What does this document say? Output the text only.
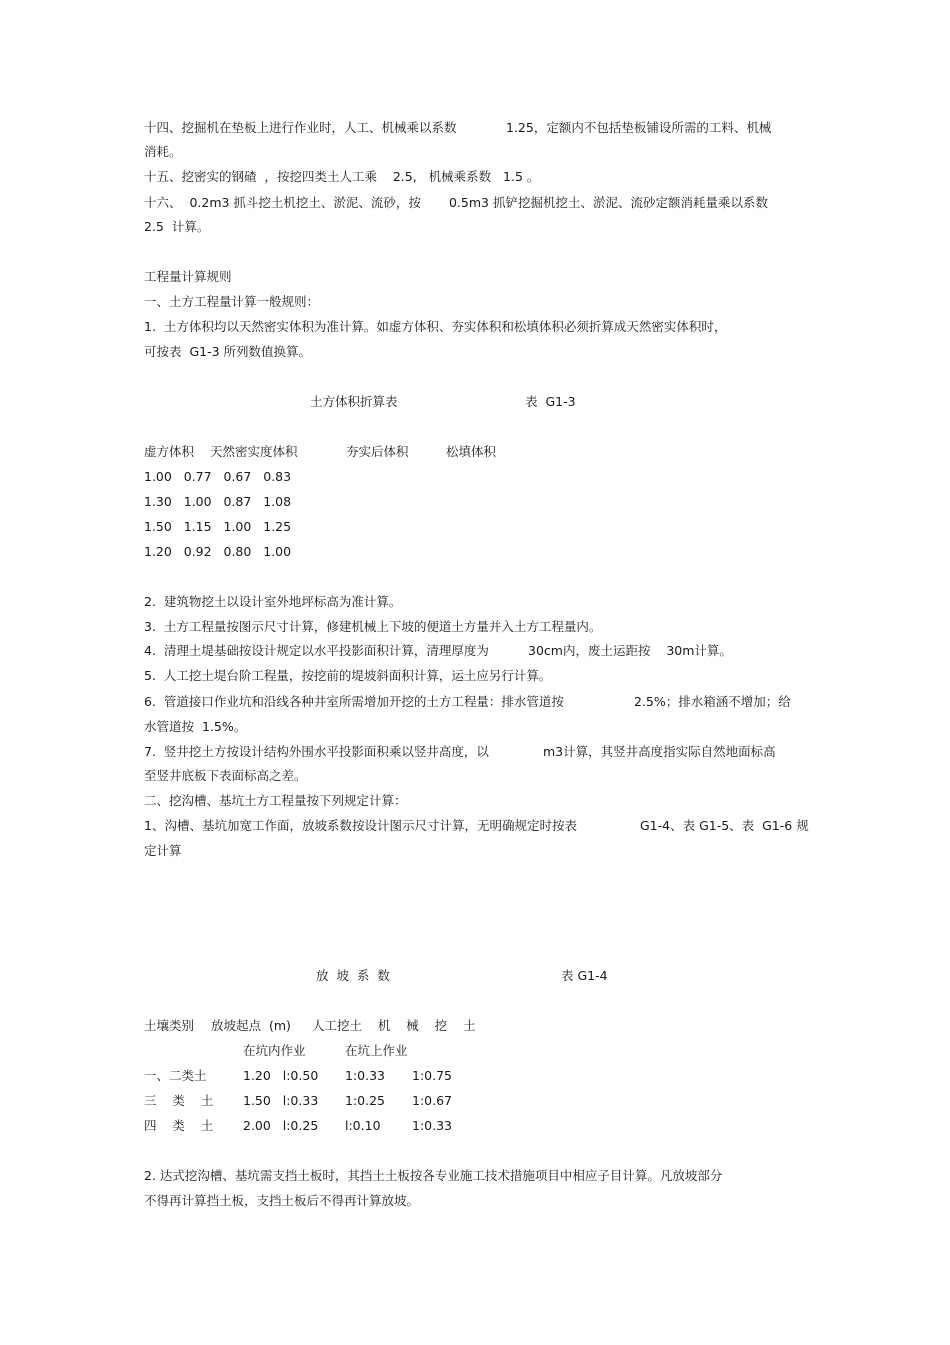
十四、挖掘机在垫板上进行作业时，人工、机械乘以系数	1.25，定额内不包括垫板铺设所需的工料、机械
消耗。
十五、挖密实的钢碴  ，按挖四类土人工乘    2.5,   机械乘系数   1.5 。
十六、  0.2m3 抓斗挖土机挖土、淤泥、流砂，按 0.5m3 抓铲挖掘机挖土、淤泥、流砂定额消耗量乘以系数
2.5  计算。
工程量计算规则
一、土方工程量计算一般规则：
1.  土方体积均以天然密实体积为准计算。如虚方体积、夯实体积和松填体积必须折算成天然密实体积时，
可按表  G1-3 所列数值换算。
土方体积折算表	表  G1-3
虚方体积 天然密实度体积	夯实后体积	松填体积
1.00   0.77   0.67   0.83
1.30   1.00   0.87   1.08
1.50   1.15   1.00   1.25
1.20   0.92   0.80   1.00
2.  建筑物挖土以设计室外地坪标高为准计算。
3.  土方工程量按图示尺寸计算，修建机械上下坡的便道土方量并入土方工程量内。
4.  清理土堤基础按设计规定以水平投影面积计算，清理厚度为	30cm内，废土运距按    30m计算。
5.  人工挖土堤台阶工程量，按挖前的堤坡斜面积计算，运土应另行计算。
6.  管道接口作业坑和沿线各种井室所需增加开挖的土方工程量：排水管道按	2.5%；排水箱涵不增加；给
水管道按  1.5%。
7.  竖井挖土方按设计结构外围水平投影面积乘以竖井高度，以	m3计算，其竖井高度指实际自然地面标高
至竖井底板下表面标高之差。
二、挖沟槽、基坑土方工程量按下列规定计算：
1、沟槽、基坑加宽工作面，放坡系数按设计图示尺寸计算，无明确规定时按表	G1-4、表 G1-5、表  G1-6 规
定计算
放  坡  系  数	表 G1-4
土壤类别 放坡起点  (m) 人工挖土    机    械    挖    土
在坑内作业	在坑上作业
一、二类土	1.20   l:0.50 1:0.33 1:0.75
三    类    土 1.50   l:0.33 1:0.25 1:0.67
四    类    土 2.00   l:0.25 l:0.10	1:0.33
2. 达式挖沟槽、基坑需支挡土板时，其挡土土板按各专业施工技术措施项目中相应子目计算。凡放坡部分
不得再计算挡土板，支挡土板后不得再计算放坡。
